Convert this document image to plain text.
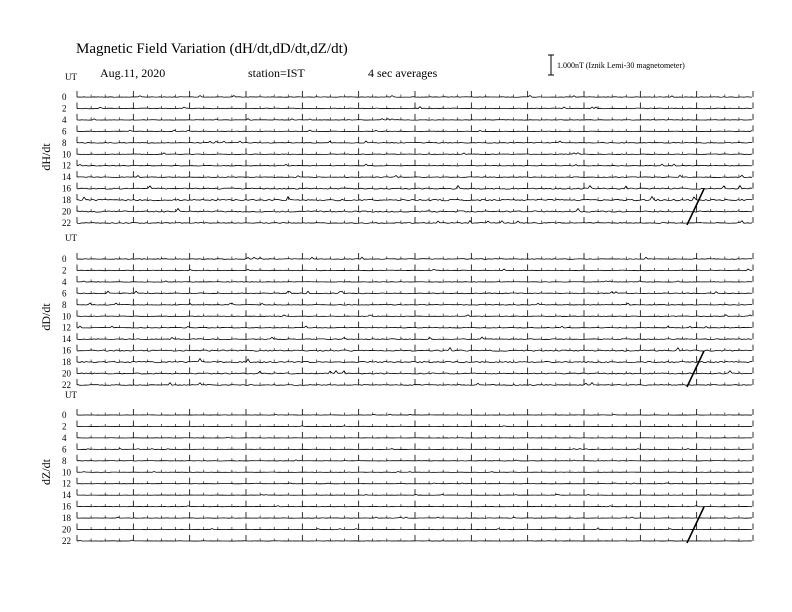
Magnetic Field Variation (dH/dt,dD/dt,dZ/dt)
Aug.11, 2020	station=IST	4 sec averages
1.000nT (Iznik Lemi-30 magnetometer)
UT
dH/dt
0
2
4
6
8
10
12
14
16
18
20
22
UT
dD/dt
0
2
4
6
8
10
12
14
16
18
20
22
UT
dZ/dt
0
2
4
6
8
10
12
14
16
18
20
22
